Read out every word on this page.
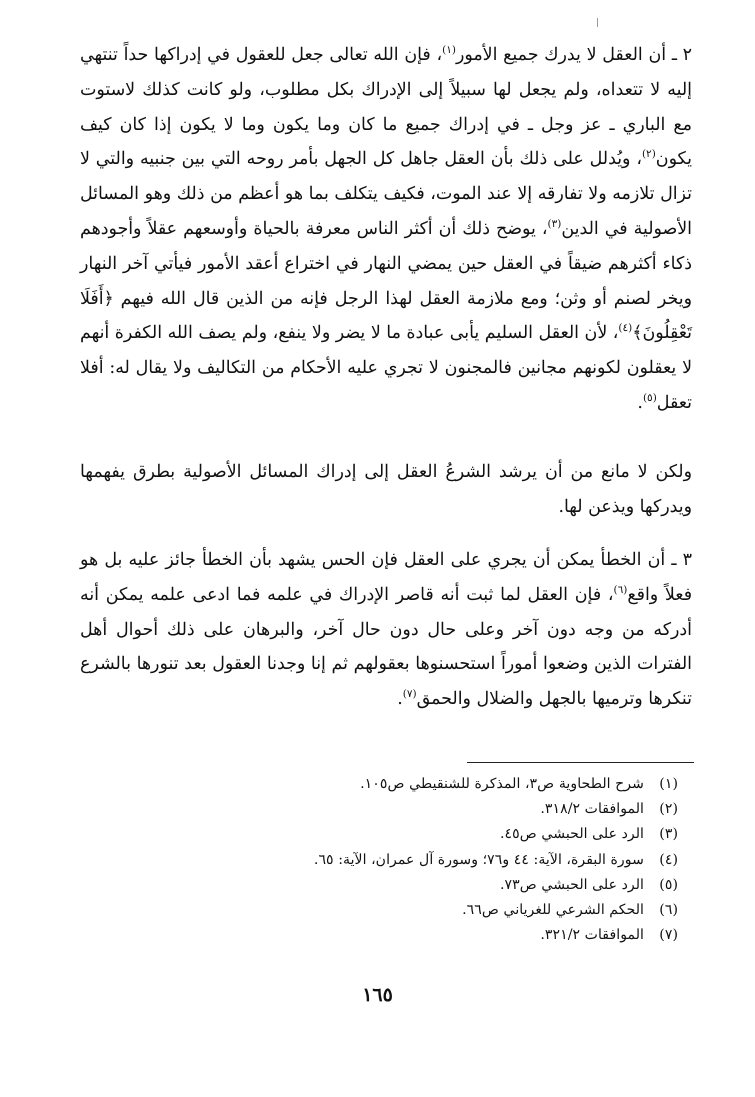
٢ ـ أن العقل لا يدرك جميع الأمور$^{(١)}$، فإن الله تعالى جعل للعقول في إدراكها حداً تنتهي إليه لا تتعداه، ولم يجعل لها سبيلاً إلى الإدراك بكل مطلوب، ولو كانت كذلك لاستوت مع الباري ـ عز وجل ـ في إدراك جميع ما كان وما يكون وما لا يكون إذا كان كيف يكون$^{(٢)}$، ويُدلل على ذلك بأن العقل جاهل كل الجهل بأمر روحه التي بين جنبيه والتي لا تزال تلازمه ولا تفارقه إلا عند الموت، فكيف يتكلف بما هو أعظم من ذلك وهو المسائل الأصولية في الدين$^{(٣)}$، يوضح ذلك أن أكثر الناس معرفة بالحياة وأوسعهم عقلاً وأجودهم ذكاء أكثرهم ضيقاً في العقل حين يمضي النهار في اختراع أعقد الأمور فيأتي آخر النهار ويخر لصنم أو وثن؛ ومع ملازمة العقل لهذا الرجل فإنه من الذين قال الله فيهم ﴿أَفَلَا تَعْقِلُونَ﴾$^{(٤)}$، لأن العقل السليم يأبى عبادة ما لا يضر ولا ينفع، ولم يصف الله الكفرة أنهم لا يعقلون لكونهم مجانين فالمجنون لا تجري عليه الأحكام من التكاليف ولا يقال له: أفلا تعقل$^{(٥)}$.

ولكن لا مانع من أن يرشد الشرعُ العقل إلى إدراك المسائل الأصولية بطرق يفهمها ويدركها ويذعن لها.

٣ ـ أن الخطأ يمكن أن يجري على العقل فإن الحس يشهد بأن الخطأ جائز عليه بل هو فعلاً واقع$^{(٦)}$، فإن العقل لما ثبت أنه قاصر الإدراك في علمه فما ادعى علمه يمكن أنه أدركه من وجه دون آخر وعلى حال دون حال آخر، والبرهان على ذلك أحوال أهل الفترات الذين وضعوا أموراً استحسنوها بعقولهم ثم إنا وجدنا العقول بعد تنورها بالشرع تنكرها وترميها بالجهل والضلال والحمق$^{(٧)}$.

(١)شرح الطحاوية ص٣، المذكرة للشنقيطي ص١٠٥.
(٢)الموافقات ٣١٨/٢.
(٣)الرد على الحبشي ص٤٥.
(٤)سورة البقرة، الآية: ٤٤ و٧٦؛ وسورة آل عمران، الآية: ٦٥.
(٥)الرد على الحبشي ص٧٣.
(٦)الحكم الشرعي للغرياني ص٦٦.
(٧)الموافقات ٣٢١/٢.
١٦٥
